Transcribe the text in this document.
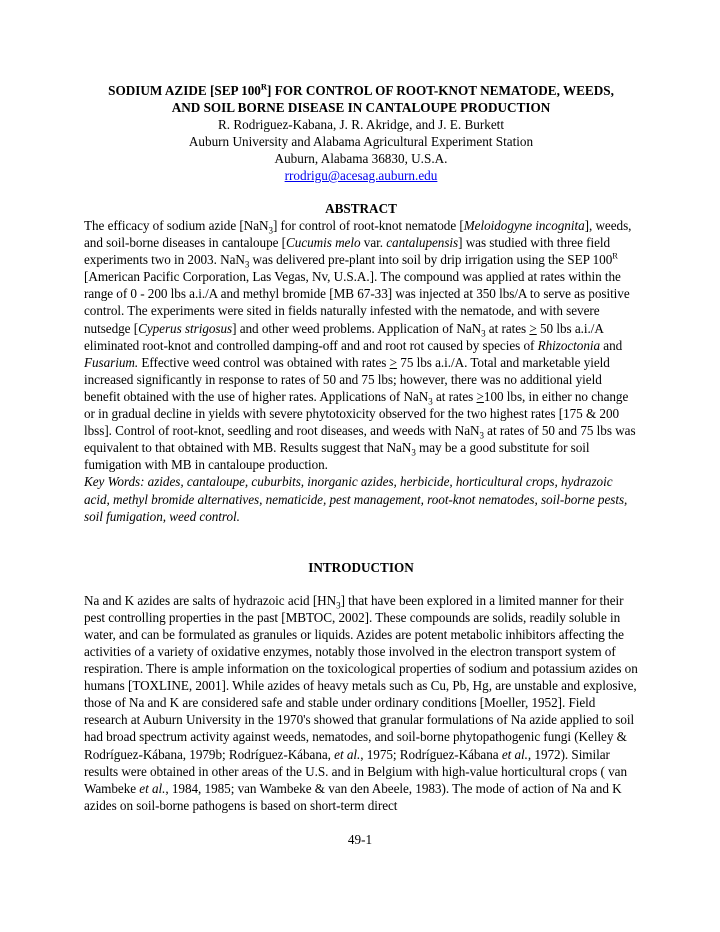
SODIUM AZIDE [SEP $100^R$] FOR CONTROL OF ROOT-KNOT NEMATODE, WEEDS,
AND SOIL BORNE DISEASE IN CANTALOUPE PRODUCTION

R. Rodriguez-Kabana, J. R. Akridge, and J. E. Burkett

Auburn University and Alabama Agricultural Experiment Station

Auburn, Alabama 36830, U.S.A.

rrodrigu@acesag.auburn.edu

ABSTRACT

The efficacy of sodium azide [NaN$_3$] for control of root-knot nematode [Meloidogyne incognita], weeds, and soil-borne diseases in cantaloupe [Cucumis melo var. cantalupensis] was studied with three field experiments two in 2003. NaN$_3$ was delivered pre-plant into soil by drip irrigation using the SEP $100^R$ [American Pacific Corporation, Las Vegas, Nv, U.S.A.]. The compound was applied at rates within the range of 0 - 200 lbs a.i./A and methyl bromide [MB 67-33] was injected at 350 lbs/A to serve as positive control. The experiments were sited in fields naturally infested with the nematode, and with severe nutsedge [Cyperus strigosus] and other weed problems. Application of NaN$_3$ at rates > 50 lbs a.i./A eliminated root-knot and controlled damping-off and and root rot caused by species of Rhizoctonia and Fusarium. Effective weed control was obtained with rates > 75 lbs a.i./A. Total and marketable yield increased significantly in response to rates of 50 and 75 lbs; however, there was no additional yield benefit obtained with the use of higher rates. Applications of NaN$_3$ at rates >100 lbs, in either no change or in gradual decline in yields with severe phytotoxicity observed for the two highest rates [175 & 200 lbss]. Control of root-knot, seedling and root diseases, and weeds with NaN$_3$ at rates of 50 and 75 lbs was equivalent to that obtained with MB. Results suggest that NaN$_3$ may be a good substitute for soil fumigation with MB in cantaloupe production.

Key Words: azides, cantaloupe, cuburbits, inorganic azides, herbicide, horticultural crops, hydrazoic acid, methyl bromide alternatives, nematicide, pest management, root-knot nematodes, soil-borne pests, soil fumigation, weed control.

INTRODUCTION

Na and K azides are salts of hydrazoic acid $[HN_3]$ that have been explored in a limited manner for their pest controlling properties in the past [MBTOC, 2002]. These compounds are solids, readily soluble in water, and can be formulated as granules or liquids. Azides are potent metabolic inhibitors affecting the activities of a variety of oxidative enzymes, notably those involved in the electron transport system of respiration. There is ample information on the toxicological properties of sodium and potassium azides on humans [TOXLINE, 2001]. While azides of heavy metals such as Cu, Pb, Hg, are unstable and explosive, those of Na and K are considered safe and stable under ordinary conditions [Moeller, 1952]. Field research at Auburn University in the 1970's showed that granular formulations of Na azide applied to soil had broad spectrum activity against weeds, nematodes, and soil-borne phytopathogenic fungi (Kelley & Rodríguez-Kábana, 1979b; Rodríguez-Kábana, et al., 1975; Rodríguez-Kábana et al., 1972). Similar results were obtained in other areas of the U.S. and in Belgium with high-value horticultural crops ( van Wambeke et al., 1984, 1985; van Wambeke & van den Abeele, 1983). The mode of action of Na and K azides on soil-borne pathogens is based on short-term direct

49-1
